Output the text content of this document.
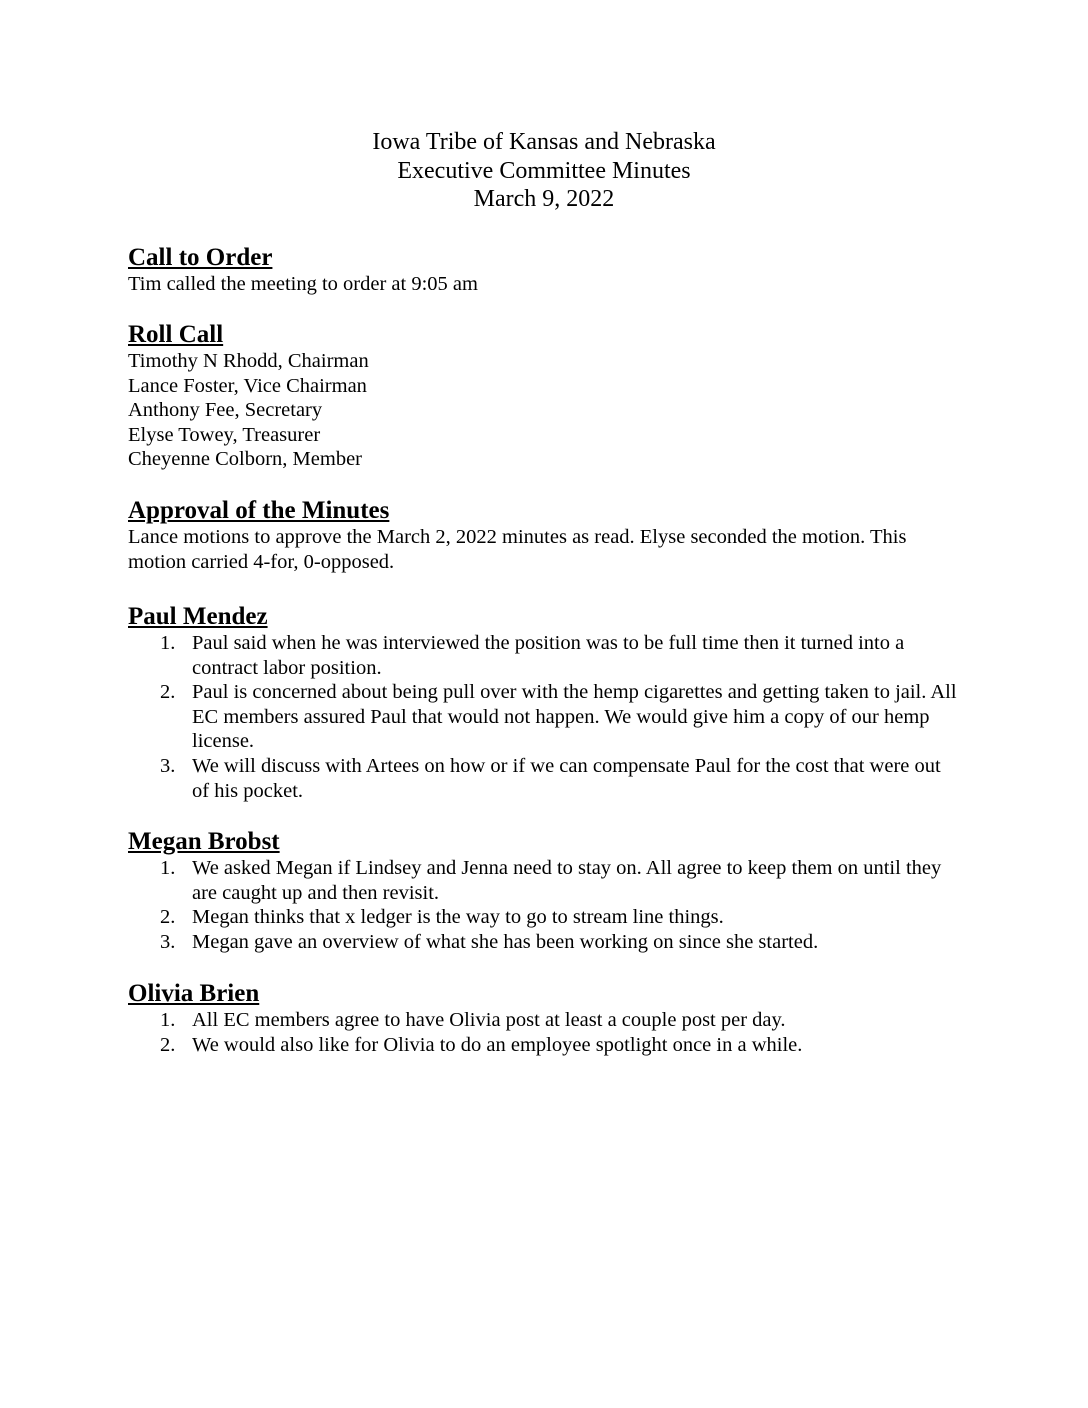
Iowa Tribe of Kansas and Nebraska
Executive Committee Minutes
March 9, 2022
Call to Order

Tim called the meeting to order at 9:05 am

Roll Call
Timothy N Rhodd, Chairman
Lance Foster, Vice Chairman
Anthony Fee, Secretary
Elyse Towey, Treasurer
Cheyenne Colborn, Member
Approval of the Minutes

Lance motions to approve the March 2, 2022 minutes as read. Elyse seconded the motion. This motion carried 4-for, 0-opposed.

Paul Mendez
1. Paul said when he was interviewed the position was to be full time then it turned into a contract labor position.
2. Paul is concerned about being pull over with the hemp cigarettes and getting taken to jail. All EC members assured Paul that would not happen. We would give him a copy of our hemp license.
3. We will discuss with Artees on how or if we can compensate Paul for the cost that were out of his pocket.
Megan Brobst
1. We asked Megan if Lindsey and Jenna need to stay on. All agree to keep them on until they are caught up and then revisit.
2. Megan thinks that x ledger is the way to go to stream line things.
3. Megan gave an overview of what she has been working on since she started.
Olivia Brien
1. All EC members agree to have Olivia post at least a couple post per day.
2. We would also like for Olivia to do an employee spotlight once in a while.
